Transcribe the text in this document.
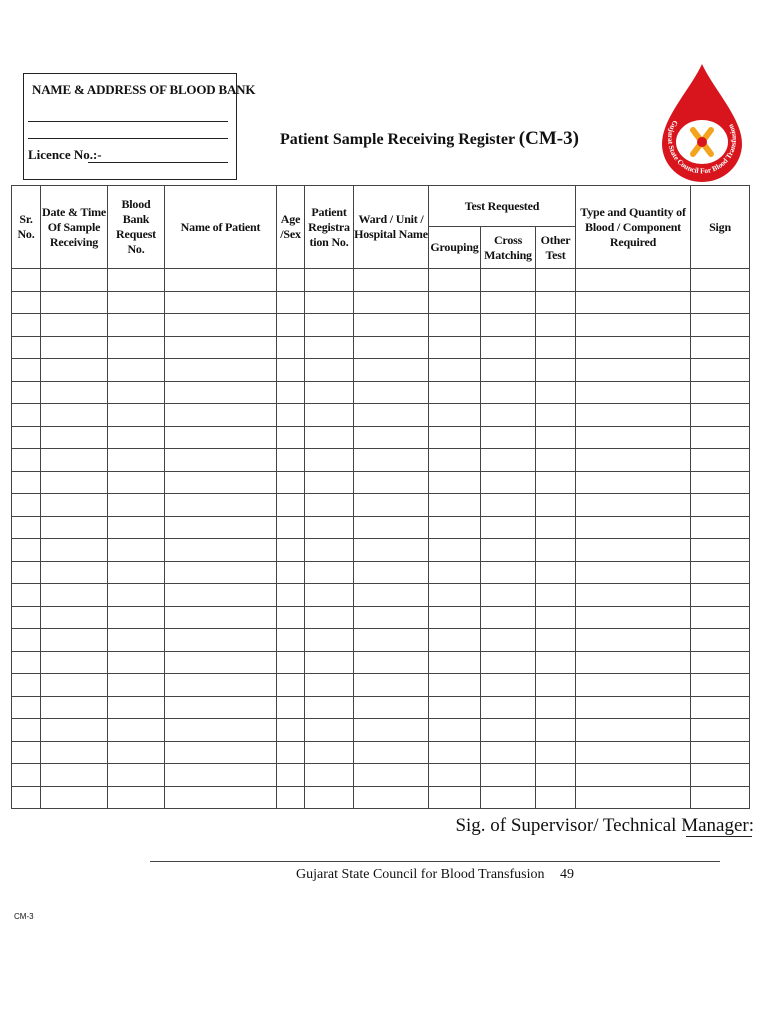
NAME & ADDRESS OF BLOOD BANK
Licence No.:-
Patient Sample Receiving Register (CM-3)
Gujarat State Council For Blood Transfusion
Sr. No.	Date & Time Of Sample Receiving	Blood Bank Request No.	Name of Patient	Age /Sex	Patient Registra tion No.	Ward / Unit / Hospital Name	Test Requested			Type and Quantity of Blood / Component Required	Sign

							Grouping	Cross Matching	Other Test		

Sig. of Supervisor/ Technical Manager:
Gujarat State Council for Blood Transfusion 49
CM-3
